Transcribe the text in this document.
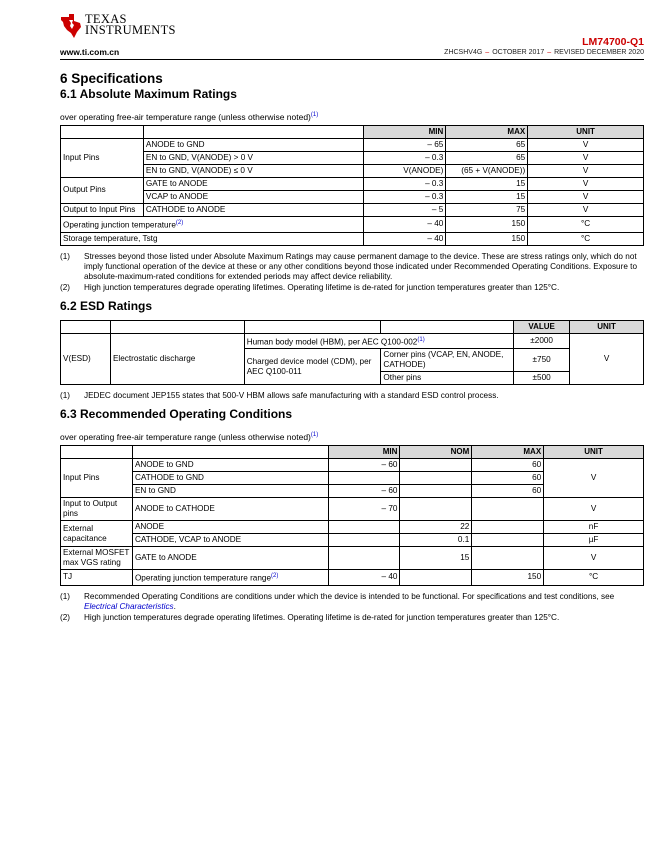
TEXAS
INSTRUMENTS
www.ti.com.cn
LM74700-Q1
ZHCSHV4G – OCTOBER 2017 – REVISED DECEMBER 2020
6 Specifications
6.1 Absolute Maximum Ratings
over operating free-air temperature range (unless otherwise noted)$^{(1)}$
		MIN	MAX	UNIT
Input Pins	ANODE to GND	– 65	65	V
	EN to GND, V(ANODE) > 0 V	– 0.3	65	V
	EN to GND, V(ANODE) ≤ 0 V	V(ANODE)	(65 + V(ANODE))	V
Output Pins	GATE to ANODE	– 0.3	15	V
	VCAP to ANODE	– 0.3	15	V
Output to Input Pins	CATHODE to ANODE	– 5	75	V
Operating junction temperature$^{(2)}$		– 40	150	°C
Storage temperature, Tstg		– 40	150	°C
(1)	Stresses beyond those listed under Absolute Maximum Ratings may cause permanent damage to the device. These are stress ratings only, which do not imply functional operation of the device at these or any other conditions beyond those indicated under Recommended Operating Conditions. Exposure to absolute-maximum-rated conditions for extended periods may affect device reliability.
(2)	High junction temperatures degrade operating lifetimes. Operating lifetime is de-rated for junction temperatures greater than 125°C.
6.2 ESD Ratings
				VALUE	UNIT
V(ESD)	Electrostatic discharge	Human body model (HBM), per AEC Q100-002$^{(1)}$		±2000	V
		Charged device model (CDM), per AEC Q100-011	Corner pins (VCAP, EN, ANODE, CATHODE)	±750	
			Other pins	±500	
(1)	JEDEC document JEP155 states that 500-V HBM allows safe manufacturing with a standard ESD control process.
6.3 Recommended Operating Conditions
over operating free-air temperature range (unless otherwise noted)$^{(1)}$
		MIN	NOM	MAX	UNIT
Input Pins	ANODE to GND	– 60		60	V
	CATHODE to GND			60	
	EN to GND	– 60		60	
Input to Output pins	ANODE to CATHODE	– 70			V
External capacitance	ANODE		22		nF
	CATHODE, VCAP to ANODE		0.1		µF
External MOSFET max VGS rating	GATE to ANODE		15		V
TJ	Operating junction temperature range$^{(2)}$	– 40		150	°C
(1)	Recommended Operating Conditions are conditions under which the device is intended to be functional. For specifications and test conditions, see Electrical Characteristics.
(2)	High junction temperatures degrade operating lifetimes. Operating lifetime is de-rated for junction temperatures greater than 125°C.
